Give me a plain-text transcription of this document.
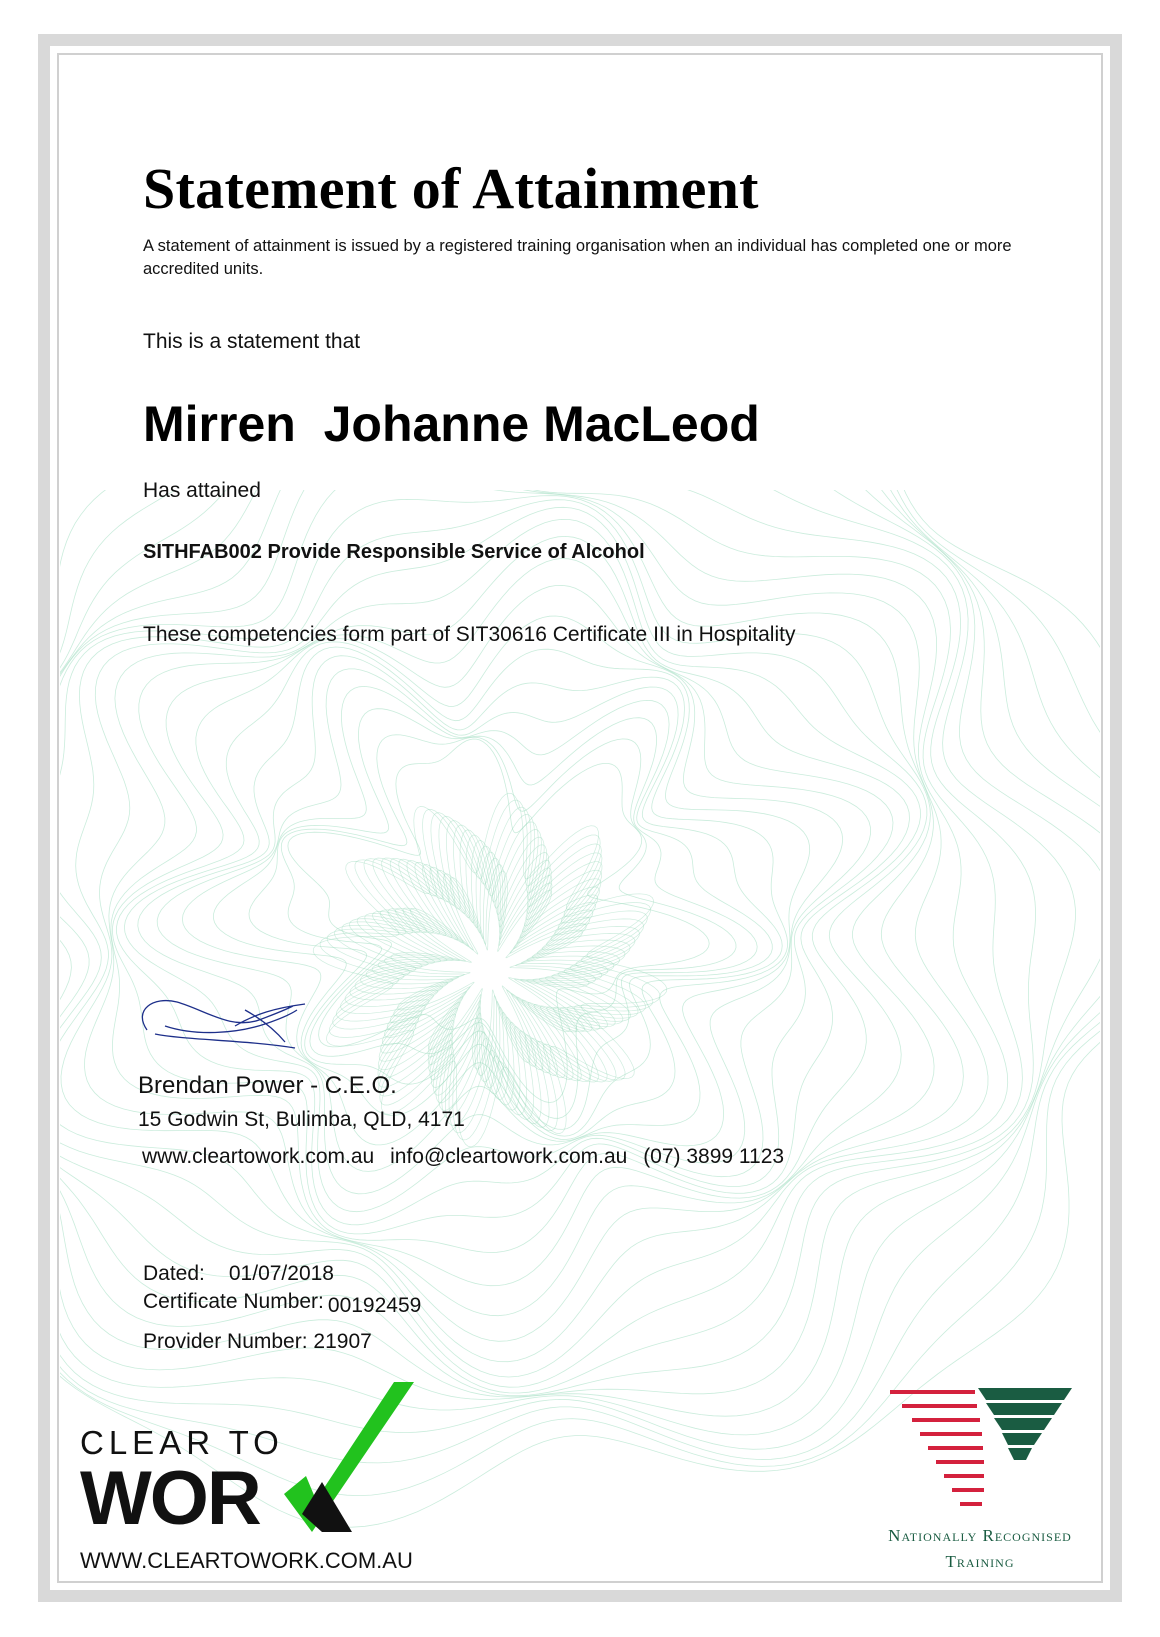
Statement of Attainment
A statement of attainment is issued by a registered training organisation when an individual has completed one or more accredited units.
This is a statement that
Mirren  Johanne MacLeod
Has attained
SITHFAB002 Provide Responsible Service of Alcohol
These competencies form part of SIT30616 Certificate III in Hospitality
Brendan Power - C.E.O.
15 Godwin St, Bulimba, QLD, 4171
www.cleartowork.com.au info@cleartowork.com.au (07) 3899 1123
Dated: 01/07/2018
Certificate Number: 00192459
Provider Number: 21907
CLEAR TO
WOR
WWW.CLEARTOWORK.COM.AU
Nationally Recognised
Training
